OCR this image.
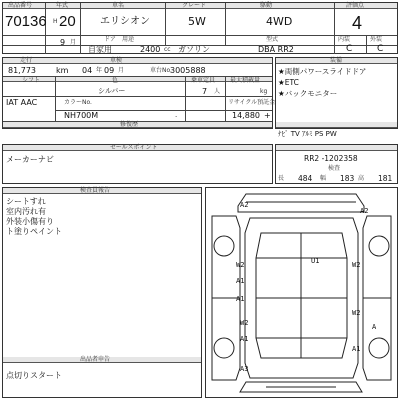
出品番号
70136
年式
H 20
車名
エリシオン
グレード
5W
駆動
4WD
評価点
4
9 月	ドア 用途
自家用	2400 cc ガソリン
型式
DBA RR2
内装	外装
C	C
走行
81,773	km
車検
04 年 09 月	車台No.
3005888
シフト
IAT AAC
色
シルバー
乗車定員
7 人
最大積載量
kg
カラーNo.
NH700M	.
リサイクル預託金
14,880 +
修復歴
装備
★両側パワースライドドア
★ETC
★バックモニター
ﾅﾋﾞ TV ｱﾙﾐ PS PW
セールスポイント
メーカーナビ	RR2 -1202358
検査
長 484 幅 183 高 181
検査員報告
シートすれ
室内汚れ有
外装小傷有り
ト塗りペイント
出品者申告
点切りスタート
A2
W2
A1
A1
U1
W2
A1
A2
W2
W2
A
A1
A3
